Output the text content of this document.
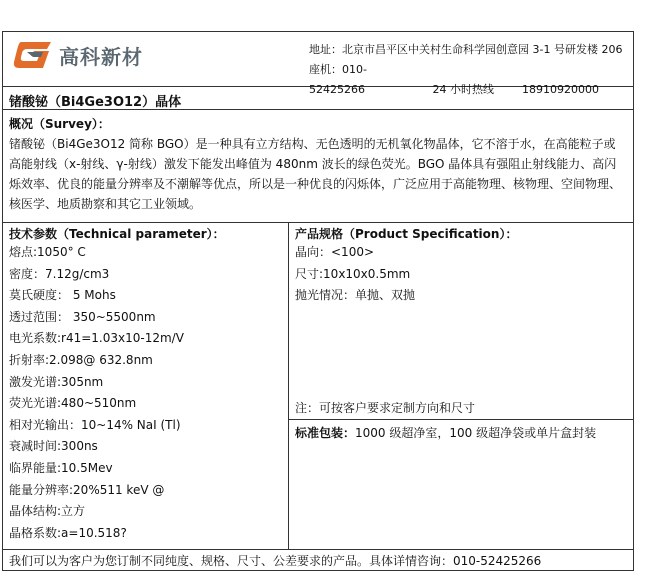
高科新材	地址：北京市昌平区中关村生命科学园创意园 3-1 号研发楼 206
座机：010-52425266	24 小时热线	18910920000
锗酸铋（Bi4Ge3O12）晶体
概况（Survey）：
锗酸铋（Bi4Ge3O12 简称 BGO）是一种具有立方结构、无色透明的无机氧化物晶体，它不溶于水，在高能粒子或高能射线（x-射线、γ-射线）激发下能发出峰值为 480nm 波长的绿色荧光。BGO 晶体具有强阻止射线能力、高闪烁效率、优良的能量分辨率及不潮解等优点，所以是一种优良的闪烁体，广泛应用于高能物理、核物理、空间物理、核医学、地质勘察和其它工业领域。
技术参数（Technical parameter）：
熔点:1050° C
密度：7.12g/cm3
莫氏硬度： 5 Mohs
透过范围： 350~5500nm
电光系数:r41=1.03x10-12m/V
折射率:2.098@ 632.8nm
激发光谱:305nm
荧光光谱:480~510nm
相对光输出：10~14% NaI (Tl)
衰减时间:300ns
临界能量:10.5Mev
能量分辨率:20%511 keV @
晶体结构:立方
晶格系数:a=10.518?
产品规格（Product Specification）：
晶向：<100>
尺寸:10x10x0.5mm
抛光情况：单抛、双抛
注：可按客户要求定制方向和尺寸
标准包装：1000 级超净室，100 级超净袋或单片盒封装
我们可以为客户为您订制不同纯度、规格、尺寸、公差要求的产品。具体详情咨询：010-52425266
